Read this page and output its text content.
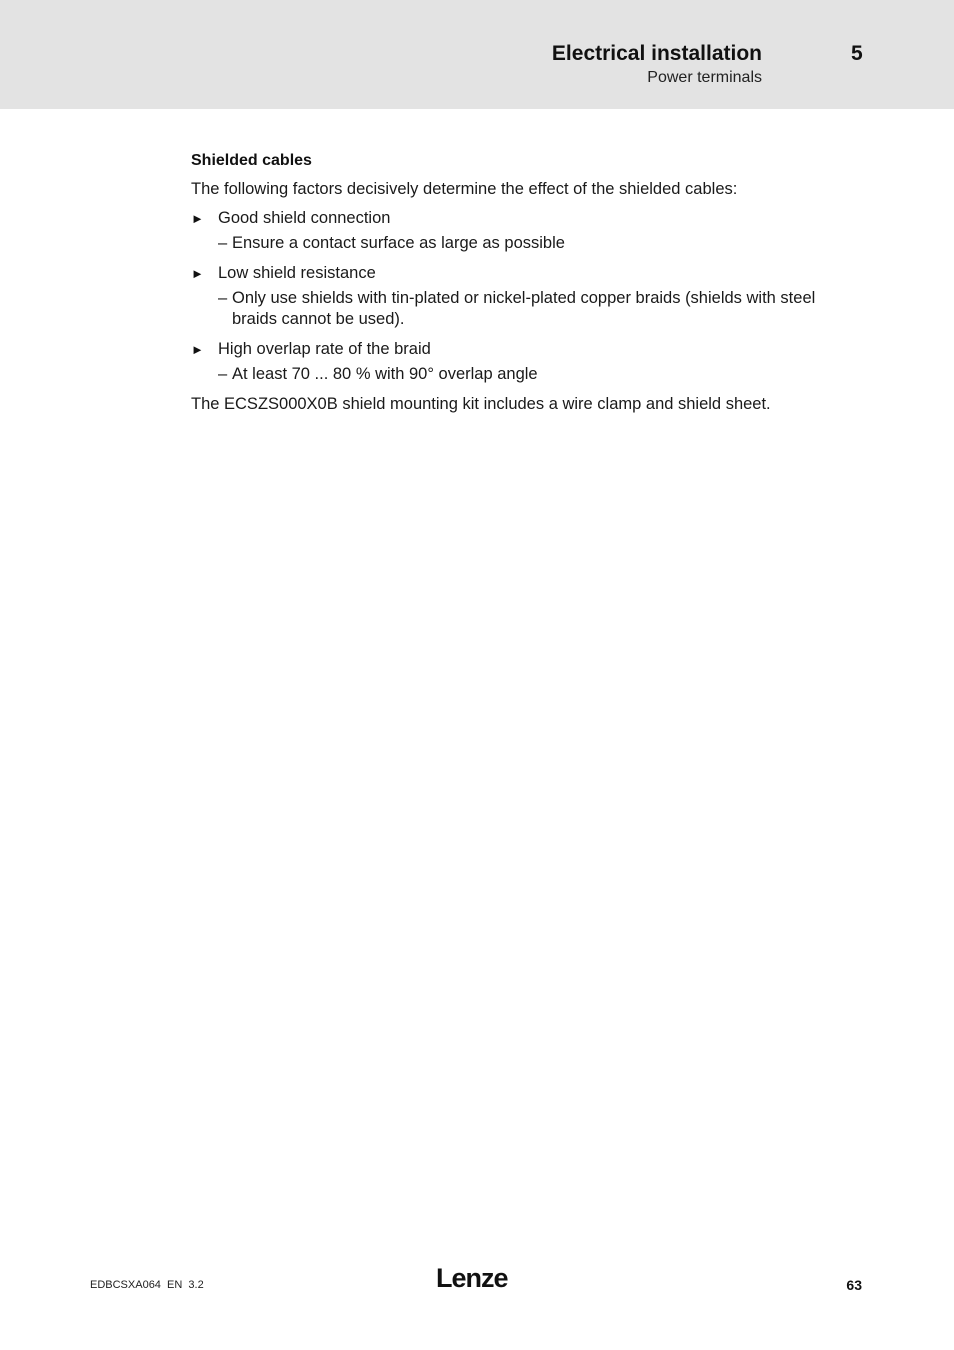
Electrical installation	5
Power terminals
Shielded cables

The following factors decisively determine the effect of the shielded cables:

► Good shield connection
– Ensure a contact surface as large as possible
► Low shield resistance
– Only use shields with tin-plated or nickel-plated copper braids (shields with steel braids cannot be used).
► High overlap rate of the braid
– At least 70 ... 80 % with 90° overlap angle

The ECSZS000X0B shield mounting kit includes a wire clamp and shield sheet.

EDBCSXA064  EN  3.2	Lenze	63
